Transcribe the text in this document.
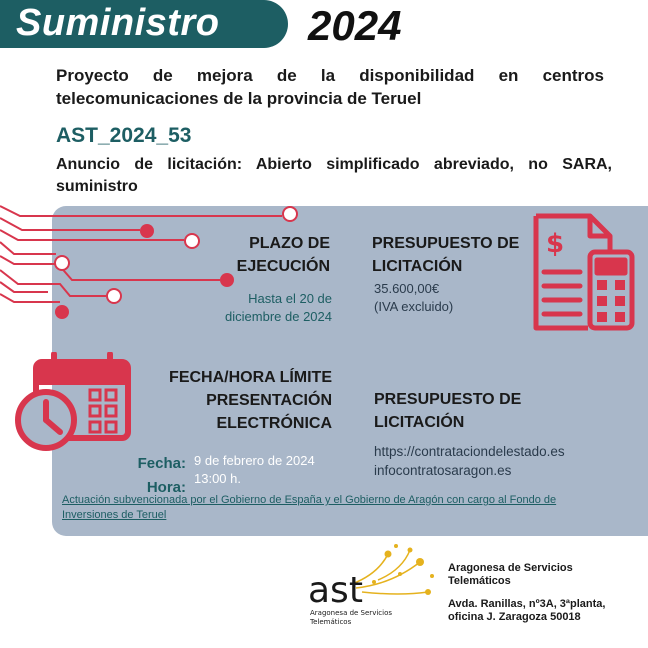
Suministro 2024
Proyecto de mejora de la disponibilidad en centros telecomunicaciones de la provincia de Teruel
AST_2024_53
Anuncio de licitación: Abierto simplificado abreviado, no SARA, suministro
PLAZO DE
EJECUCIÓN
Hasta el 20 de
diciembre de 2024
PRESUPUESTO DE
LICITACIÓN
35.600,00€
(IVA excluido)
$
FECHA/HORA LÍMITE
PRESENTACIÓN
ELECTRÓNICA
Fecha:
Hora:
9 de febrero de 2024
13:00 h.
PRESUPUESTO DE
LICITACIÓN
https://contrataciondelestado.es
infocontratosaragon.es
Actuación subvencionada por el Gobierno de España y el Gobierno de Aragón con cargo al Fondo de Inversiones de Teruel
ast
Aragonesa de Servicios
Telemáticos
Aragonesa de Servicios
Telemáticos
Avda. Ranillas, nº3A, 3ªplanta,
oficina J. Zaragoza 50018
